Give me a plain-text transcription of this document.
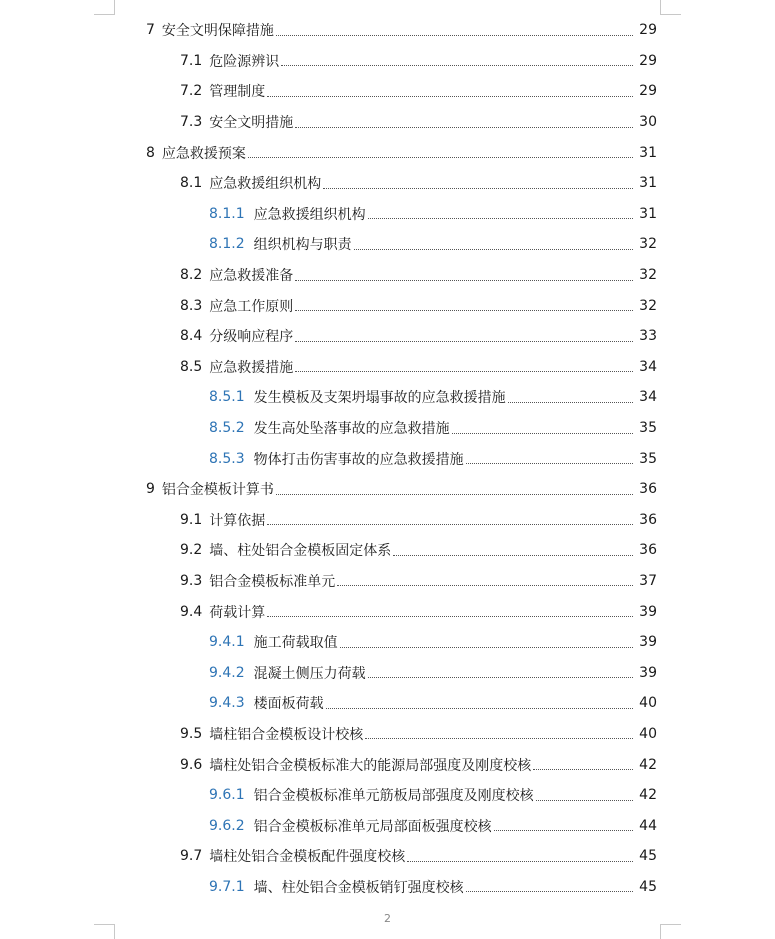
7 安全文明保障措施	29
7.1 危险源辨识	29
7.2 管理制度	29
7.3 安全文明措施	30
8 应急救援预案	31
8.1 应急救援组织机构	31
8.1.1 应急救援组织机构	31
8.1.2 组织机构与职责	32
8.2 应急救援准备	32
8.3 应急工作原则	32
8.4 分级响应程序	33
8.5 应急救援措施	34
8.5.1 发生模板及支架坍塌事故的应急救援措施	34
8.5.2 发生高处坠落事故的应急救措施	35
8.5.3 物体打击伤害事故的应急救援措施	35
9 铝合金模板计算书	36
9.1 计算依据	36
9.2 墙、柱处铝合金模板固定体系	36
9.3 铝合金模板标准单元	37
9.4 荷载计算	39
9.4.1 施工荷载取值	39
9.4.2 混凝土侧压力荷载	39
9.4.3 楼面板荷载	40
9.5 墙柱铝合金模板设计校核	40
9.6 墙柱处铝合金模板标准大的能源局部强度及刚度校核	42
9.6.1 铝合金模板标准单元筋板局部强度及刚度校核	42
9.6.2 铝合金模板标准单元局部面板强度校核	44
9.7 墙柱处铝合金模板配件强度校核	45
9.7.1 墙、柱处铝合金模板销钉强度校核	45
2
